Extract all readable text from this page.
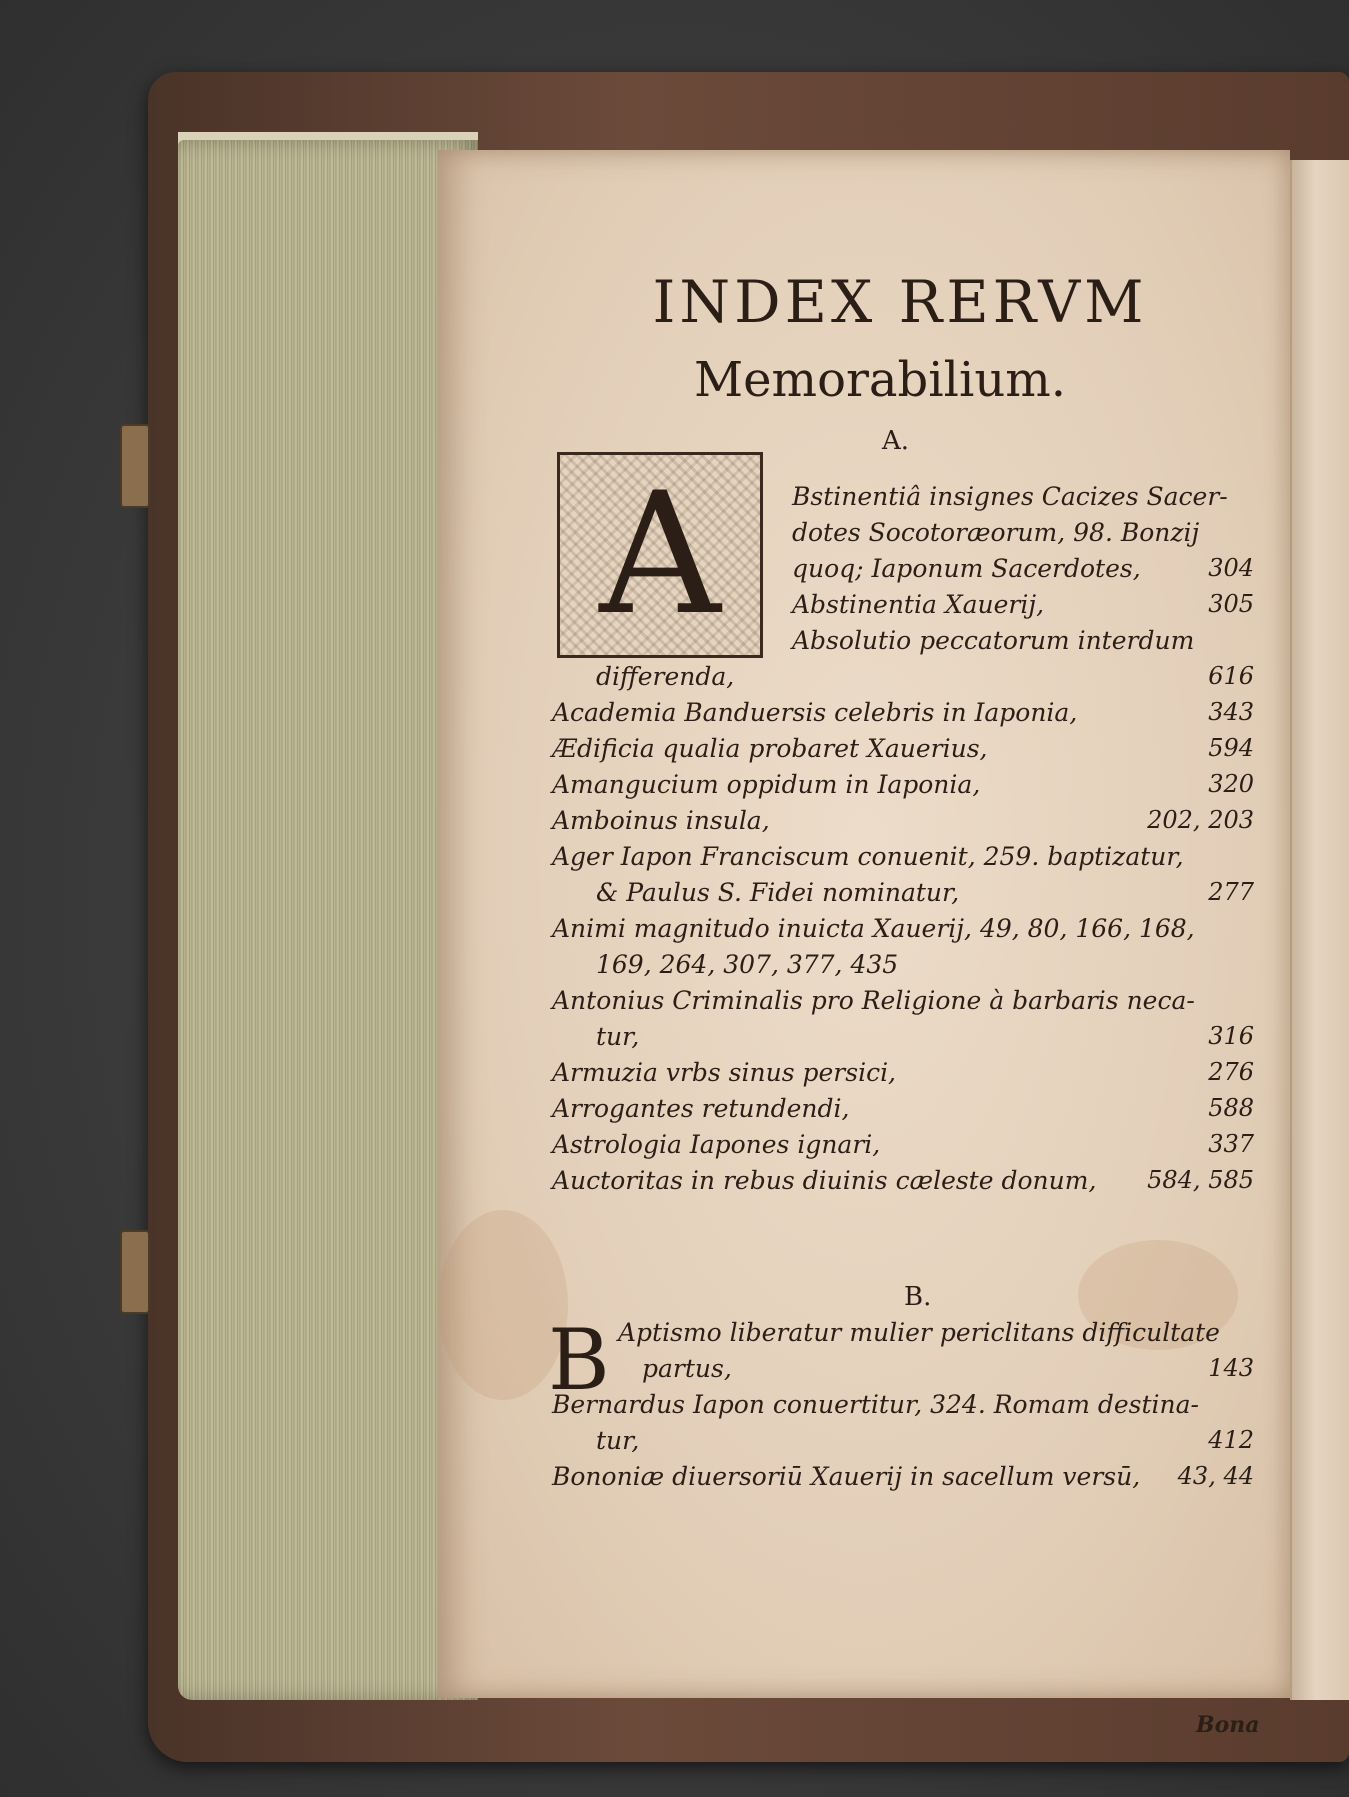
INDEX RERVM
Memorabilium.
A.
A	Bstinentiâ insignes Cacizes Sacer-
dotes Socotoræorum, 98. Bonzij
quoq; Iaponum Sacerdotes,	304
Abstinentia Xauerij,	305
Absolutio peccatorum interdum
differenda,	616
Academia Banduersis celebris in Iaponia,	343
Ædificia qualia probaret Xauerius,	594
Amangucium oppidum in Iaponia,	320
Amboinus insula,	202, 203
Ager Iapon Franciscum conuenit, 259. baptizatur,
& Paulus S. Fidei nominatur,	277
Animi magnitudo inuicta Xauerij, 49, 80, 166, 168,
169, 264, 307, 377, 435
Antonius Criminalis pro Religione à barbaris neca-
tur,	316
Armuzia vrbs sinus persici,	276
Arrogantes retundendi,	588
Astrologia Iapones ignari,	337
Auctoritas in rebus diuinis cæleste donum, 584, 585
Aptismo liberatur mulier periclitans difficultate
partus,	143
Bernardus Iapon conuertitur, 324. Romam destina-
tur,	412
Bononiæ diuersoriū Xauerij in sacellum versū, 43, 44
B.
B
Bona
